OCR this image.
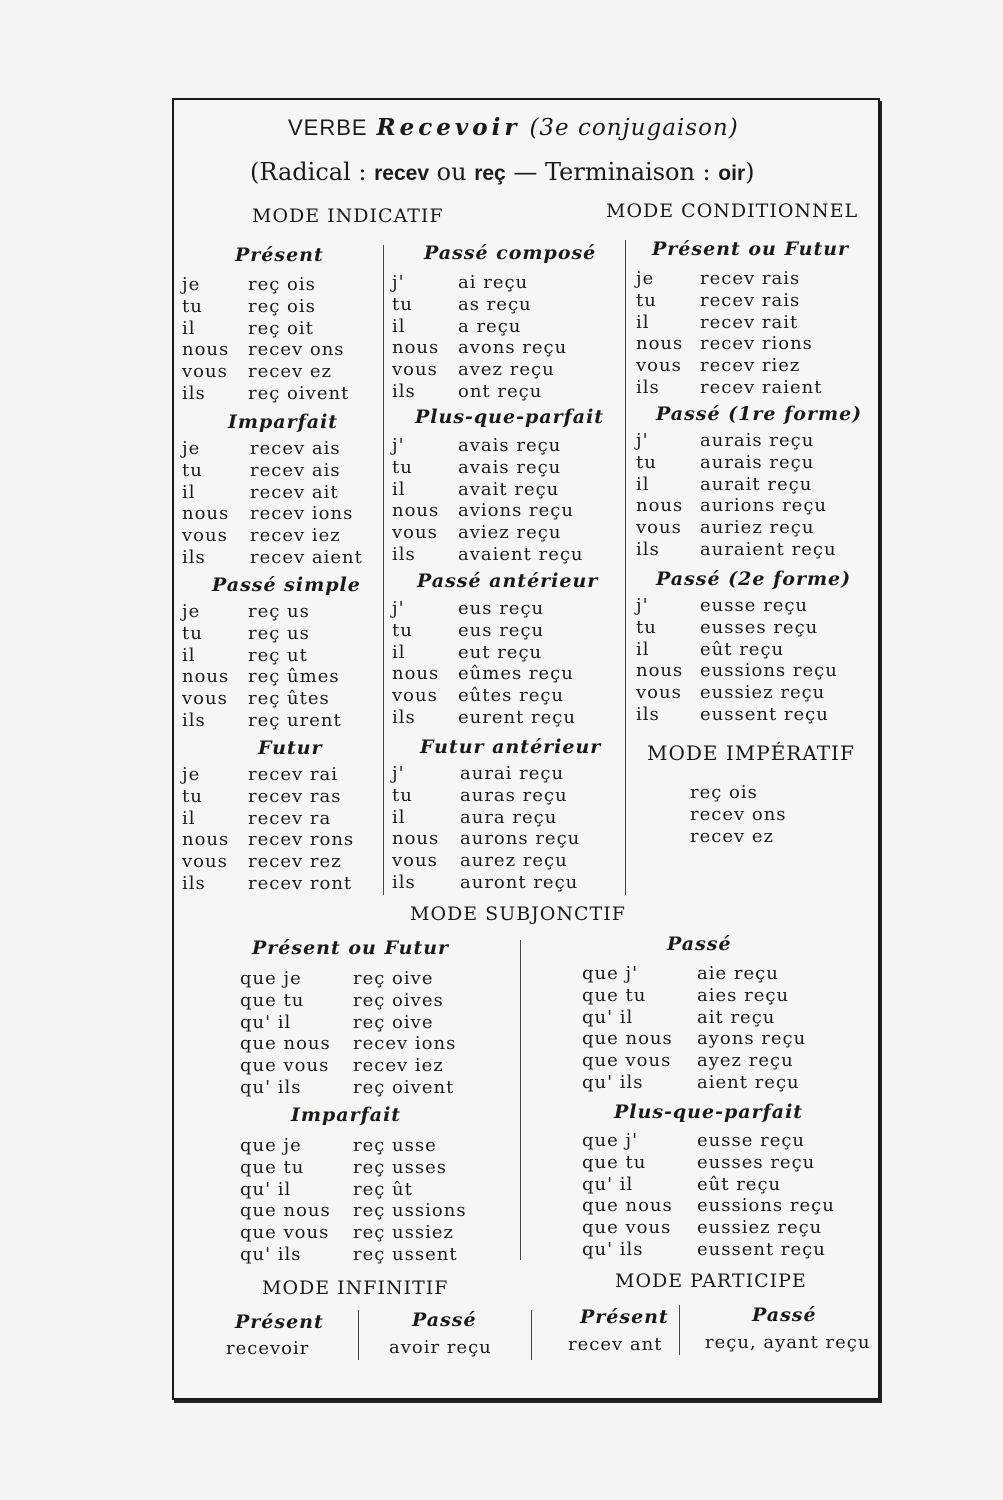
VERBE Recevoir (3e conjugaison)
(Radical : recev ou reç — Terminaison : oir)
MODE INDICATIF	MODE CONDITIONNEL
Présent
je
tu
il
nous
vous
ils
reç ois
reç ois
reç oit
recev ons
recev ez
reç oivent
Imparfait
je
tu
il
nous
vous
ils
recev ais
recev ais
recev ait
recev ions
recev iez
recev aient
Passé simple
je
tu
il
nous
vous
ils
reç us
reç us
reç ut
reç ûmes
reç ûtes
reç urent
Futur
je
tu
il
nous
vous
ils
recev rai
recev ras
recev ra
recev rons
recev rez
recev ront
Passé composé
j'
tu
il
nous
vous
ils
ai reçu
as reçu
a reçu
avons reçu
avez reçu
ont reçu
Plus-que-parfait
j'
tu
il
nous
vous
ils
avais reçu
avais reçu
avait reçu
avions reçu
aviez reçu
avaient reçu
Passé antérieur
j'
tu
il
nous
vous
ils
eus reçu
eus reçu
eut reçu
eûmes reçu
eûtes reçu
eurent reçu
Futur antérieur
j'
tu
il
nous
vous
ils
aurai reçu
auras reçu
aura reçu
aurons reçu
aurez reçu
auront reçu
Présent ou Futur
je
tu
il
nous
vous
ils
recev rais
recev rais
recev rait
recev rions
recev riez
recev raient
Passé (1re forme)
j'
tu
il
nous
vous
ils
aurais reçu
aurais reçu
aurait reçu
aurions reçu
auriez reçu
auraient reçu
Passé (2e forme)
j'
tu
il
nous
vous
ils
eusse reçu
eusses reçu
eût reçu
eussions reçu
eussiez reçu
eussent reçu
Présent ou Futur
que je
que tu
qu' il
que nous
que vous
qu' ils
reç oive
reç oives
reç oive
recev ions
recev iez
reç oivent
Imparfait
que je
que tu
qu' il
que nous
que vous
qu' ils
reç usse
reç usses
reç ût
reç ussions
reç ussiez
reç ussent
Passé
que j'
que tu
qu' il
que nous
que vous
qu' ils
aie reçu
aies reçu
ait reçu
ayons reçu
ayez reçu
aient reçu
Plus-que-parfait
que j'
que tu
qu' il
que nous
que vous
qu' ils
eusse reçu
eusses reçu
eût reçu
eussions reçu
eussiez reçu
eussent reçu
MODE IMPÉRATIF
reç ois
recev ons
recev ez
MODE SUBJONCTIF
MODE INFINITIF	MODE PARTICIPE
Présent
recevoir
Passé
avoir reçu
Présent
recev ant
Passé
reçu, ayant reçu
